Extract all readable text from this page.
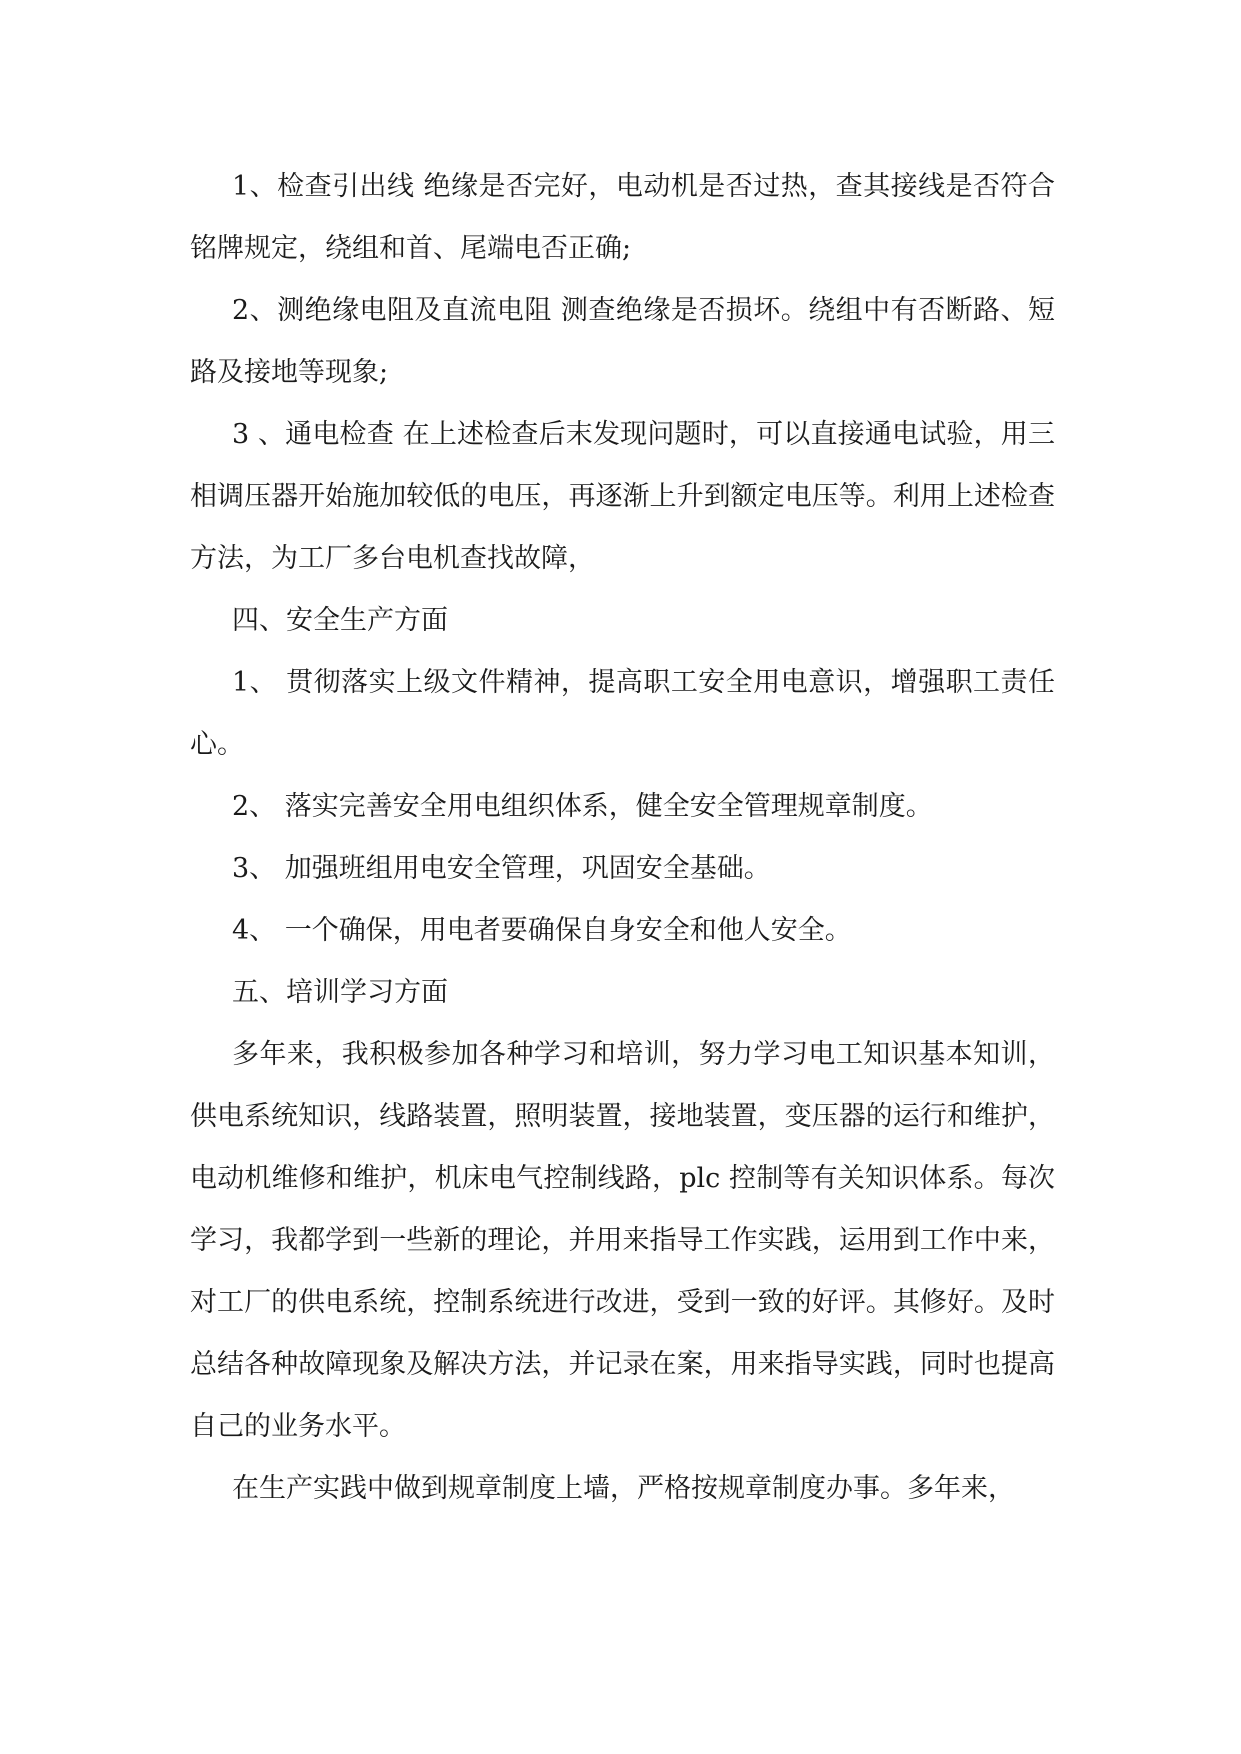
1、检查引出线 绝缘是否完好，电动机是否过热，查其接线是否符合铭牌规定，绕组和首、尾端电否正确;

2、测绝缘电阻及直流电阻 测查绝缘是否损坏。绕组中有否断路、短路及接地等现象;

3 、通电检查 在上述检查后末发现问题时，可以直接通电试验，用三相调压器开始施加较低的电压，再逐渐上升到额定电压等。利用上述检查方法，为工厂多台电机查找故障，

四、安全生产方面

1、 贯彻落实上级文件精神，提高职工安全用电意识，增强职工责任心。

2、 落实完善安全用电组织体系，健全安全管理规章制度。

3、 加强班组用电安全管理，巩固安全基础。

4、 一个确保，用电者要确保自身安全和他人安全。

五、培训学习方面

多年来，我积极参加各种学习和培训，努力学习电工知识基本知训，供电系统知识，线路装置，照明装置，接地装置，变压器的运行和维护，电动机维修和维护，机床电气控制线路，plc 控制等有关知识体系。每次学习，我都学到一些新的理论，并用来指导工作实践，运用到工作中来，对工厂的供电系统，控制系统进行改进，受到一致的好评。其修好。及时总结各种故障现象及解决方法，并记录在案，用来指导实践，同时也提高自己的业务水平。

在生产实践中做到规章制度上墙，严格按规章制度办事。多年来，
